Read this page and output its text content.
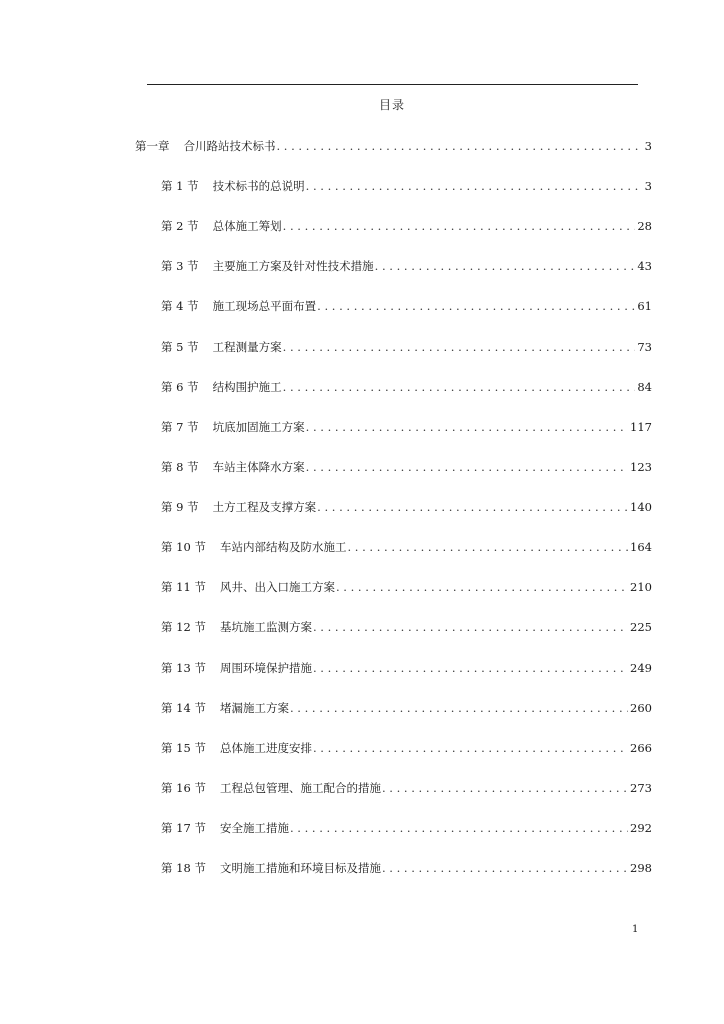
目录
第一章 合川路站技术标书 . . .	3
第 1 节 技术标书的总说明 . . .	3
第 2 节 总体施工筹划 . . .	28
第 3 节 主要施工方案及针对性技术措施 . . .	43
第 4 节 施工现场总平面布置 . . .	61
第 5 节 工程测量方案 . . .	73
第 6 节 结构围护施工 . . .	84
第 7 节 坑底加固施工方案 . . .	117
第 8 节 车站主体降水方案 . . .	123
第 9 节 土方工程及支撑方案 . . .	140
第 10 节 车站内部结构及防水施工 . . .	164
第 11 节 风井、出入口施工方案 . . .	210
第 12 节 基坑施工监测方案 . . .	225
第 13 节 周围环境保护措施 . . .	249
第 14 节 堵漏施工方案 . . .	260
第 15 节 总体施工进度安排 . . .	266
第 16 节 工程总包管理、施工配合的措施 . . .	273
第 17 节 安全施工措施 . . .	292
第 18 节 文明施工措施和环境目标及措施 . . .	298
1
